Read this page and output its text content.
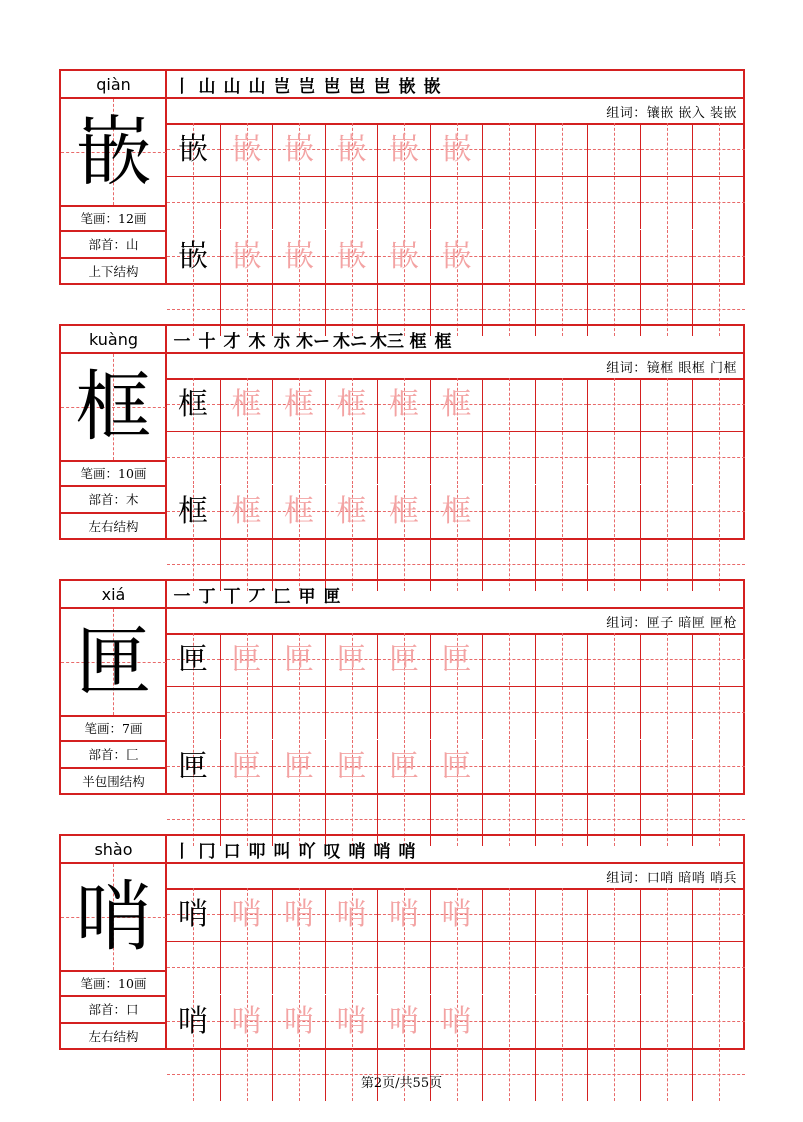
qiàn
嵌
笔画：12画
部首：山
上下结构
丨 山 山 山 岂 岂 岜 岜 岜 嵌 嵌
组词：镶嵌 嵌入 装嵌
嵌 嵌 嵌 嵌 嵌 嵌
嵌 嵌 嵌 嵌 嵌 嵌
kuàng
框
笔画：10画
部首：木
左右结构
一 十 才 木 朩 木ー 木ニ 木三 框 框
组词：镜框 眼框 门框
框 框 框 框 框 框
框 框 框 框 框 框
xiá
匣
笔画：7画
部首：匚
半包围结构
一 丁 丅 丆 匚 甲 匣
组词：匣子 暗匣 匣枪
匣 匣 匣 匣 匣 匣
匣 匣 匣 匣 匣 匣
shào
哨
笔画：10画
部首：口
左右结构
丨 冂 口 叩 叫 吖 叹 哨 哨 哨
组词：口哨 暗哨 哨兵
哨 哨 哨 哨 哨 哨
哨 哨 哨 哨 哨 哨
第2页/共55页
